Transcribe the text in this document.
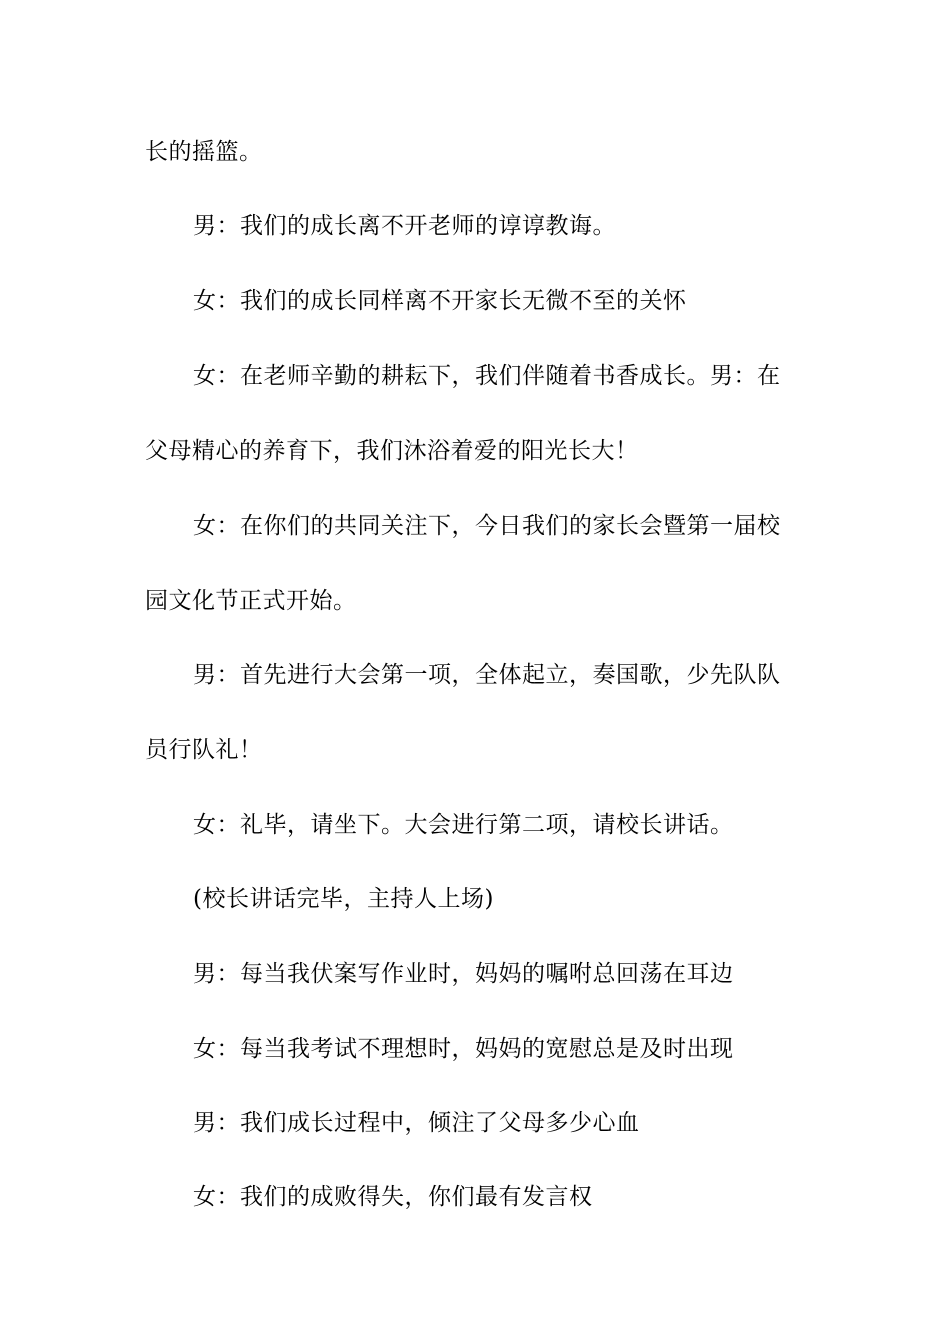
长的摇篮。
男：我们的成长离不开老师的谆谆教诲。
女：我们的成长同样离不开家长无微不至的关怀
女：在老师辛勤的耕耘下，我们伴随着书香成长。男：在
父母精心的养育下，我们沐浴着爱的阳光长大！
女：在你们的共同关注下，今日我们的家长会暨第一届校
园文化节正式开始。
男：首先进行大会第一项，全体起立，奏国歌，少先队队
员行队礼！
女：礼毕，请坐下。大会进行第二项，请校长讲话。
(校长讲话完毕，主持人上场)
男：每当我伏案写作业时，妈妈的嘱咐总回荡在耳边
女：每当我考试不理想时，妈妈的宽慰总是及时出现
男：我们成长过程中，倾注了父母多少心血
女：我们的成败得失，你们最有发言权
